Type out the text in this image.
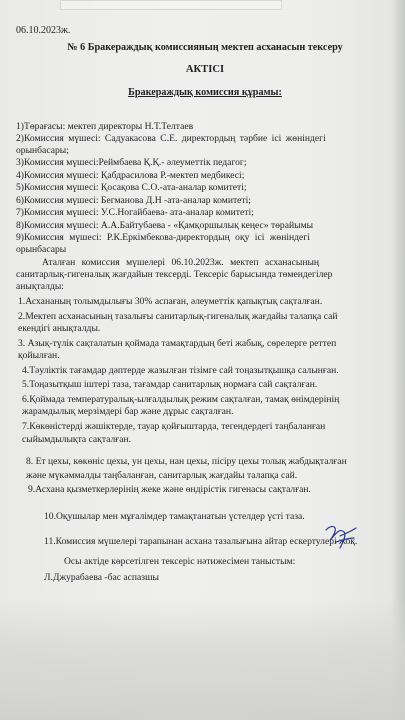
06.10.2023ж.
№ 6 Бракераждық комиссияның мектеп асханасын тексеру
АКТІСІ
Бракераждық комиссия құрамы:
1)Төрағасы: мектеп директоры Н.Т.Телтаев
2)Комиссия мүшесі: Садуакасова С.Е. директордың тәрбие ісі жөніндегі
орынбасары;
3)Комиссия мүшесі:Реймбаева Қ.Қ.- әлеуметтік педагог;
4)Комиссия мүшесі: Қабдрасилова Р.-мектеп медбикесі;
5)Комиссия мүшесі: Қосақова С.О.-ата-аналар комитеті;
6)Комиссия мүшесі: Бегманова Д.Н -ата-аналар комитеті;
7)Комиссия мүшесі: У.С.Ногайбаева- ата-аналар комитеті;
8)Комиссия мүшесі: А.А.Байтубаева - «Қамқоршылық кеңес» төрайымы
9)Комиссия мүшесі: Р.К.Еркімбекова-директордың оқу ісі жөніндегі
орынбасары
Аталған комиссия мүшелері 06.10.2023ж. мектеп асханасының
санитарлық-гигеналық жағдайын тексерді. Тексеріс барысында төмендегілер
анықталды:
1.Асхананың толымдылығы 30% аспаған, әлеуметтік қапықтық сақталған.
2.Мектеп асханасының тазалығы санитарлық-гигеналық жағдайы талапқа сай
екендігі анықталды.
3. Азық-түлік сақталатын қоймада тамақтардың беті жабық, сөрелерге реттеп
қойылған.
4.Тәуліктік тағамдар дәптерде жазылған тізімге сай тоңазытқышқа салынған.
5.Тоңазытқыш іштері таза, тағамдар санитарлық нормаға сай сақталған.
6.Қоймада температуралық-ылғалдылық режим сақталған, тамақ өнімдерінің
жарамдылық мерзімдері бар және дұрыс сақталған.
7.Көкөністерді жәшіктерде, тауар қойғыштарда, тегендердегі таңбаланған
сыйымдылықта сақталған.
8. Ет цехы, көкөніс цехы, ун цехы, нан цехы, пісіру цехы толық жабдықталған
және мүкәммалды таңбаланған, санитарлық жағдайы талапқа сай.
9.Асхана қызметкерлерінің жеке және өндірістік гигенасы сақталған.
10.Оқушылар мен мұғалімдер тамақтанатын үстелдер үсті таза.
11.Комиссия мүшелері тарапынан асхана тазалығына айтар ескертулері жоқ.
Осы актіде көрсетілген тексеріс нәтижесімен таныстым:
Л.Джурабаева -бас аспазшы
